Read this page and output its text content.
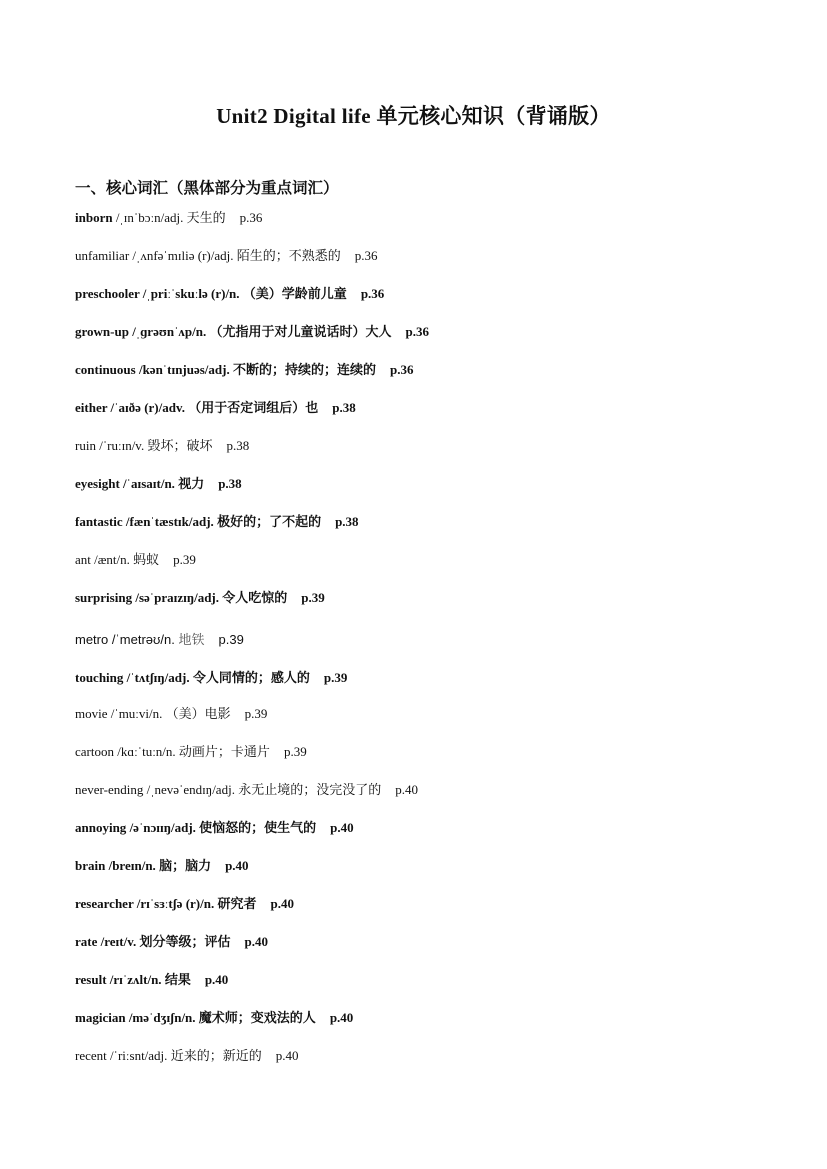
Unit2 Digital life 单元核心知识（背诵版）
一、核心词汇（黑体部分为重点词汇）
inborn /ˌɪnˈbɔːn/adj. 天生的 p.36
unfamiliar /ˌʌnfəˈmɪliə (r)/adj. 陌生的；不熟悉的 p.36
preschooler /ˌpriːˈskuːlə (r)/n. （美）学龄前儿童 p.36
grown-up /ˌɡrəʊnˈʌp/n. （尤指用于对儿童说话时）大人 p.36
continuous /kənˈtɪnjuəs/adj. 不断的；持续的；连续的 p.36
either /ˈaɪðə (r)/adv. （用于否定词组后）也 p.38
ruin /ˈruːɪn/v. 毁坏；破坏 p.38
eyesight /ˈaɪsaɪt/n. 视力 p.38
fantastic /fænˈtæstɪk/adj. 极好的；了不起的 p.38
ant /ænt/n. 蚂蚁 p.39
surprising /səˈpraɪzɪŋ/adj. 令人吃惊的 p.39
metro /ˈmetrəʊ/n. 地铁 p.39
touching /ˈtʌtʃɪŋ/adj. 令人同情的；感人的 p.39
movie /ˈmuːvi/n. （美）电影 p.39
cartoon /kɑːˈtuːn/n. 动画片；卡通片 p.39
never-ending /ˌnevəˈendɪŋ/adj. 永无止境的；没完没了的 p.40
annoying /əˈnɔɪɪŋ/adj. 使恼怒的；使生气的 p.40
brain /breɪn/n. 脑；脑力 p.40
researcher /rɪˈsɜːtʃə (r)/n. 研究者 p.40
rate /reɪt/v. 划分等级；评估 p.40
result /rɪˈzʌlt/n. 结果 p.40
magician /məˈdʒɪʃn/n. 魔术师；变戏法的人 p.40
recent /ˈriːsnt/adj. 近来的；新近的 p.40
